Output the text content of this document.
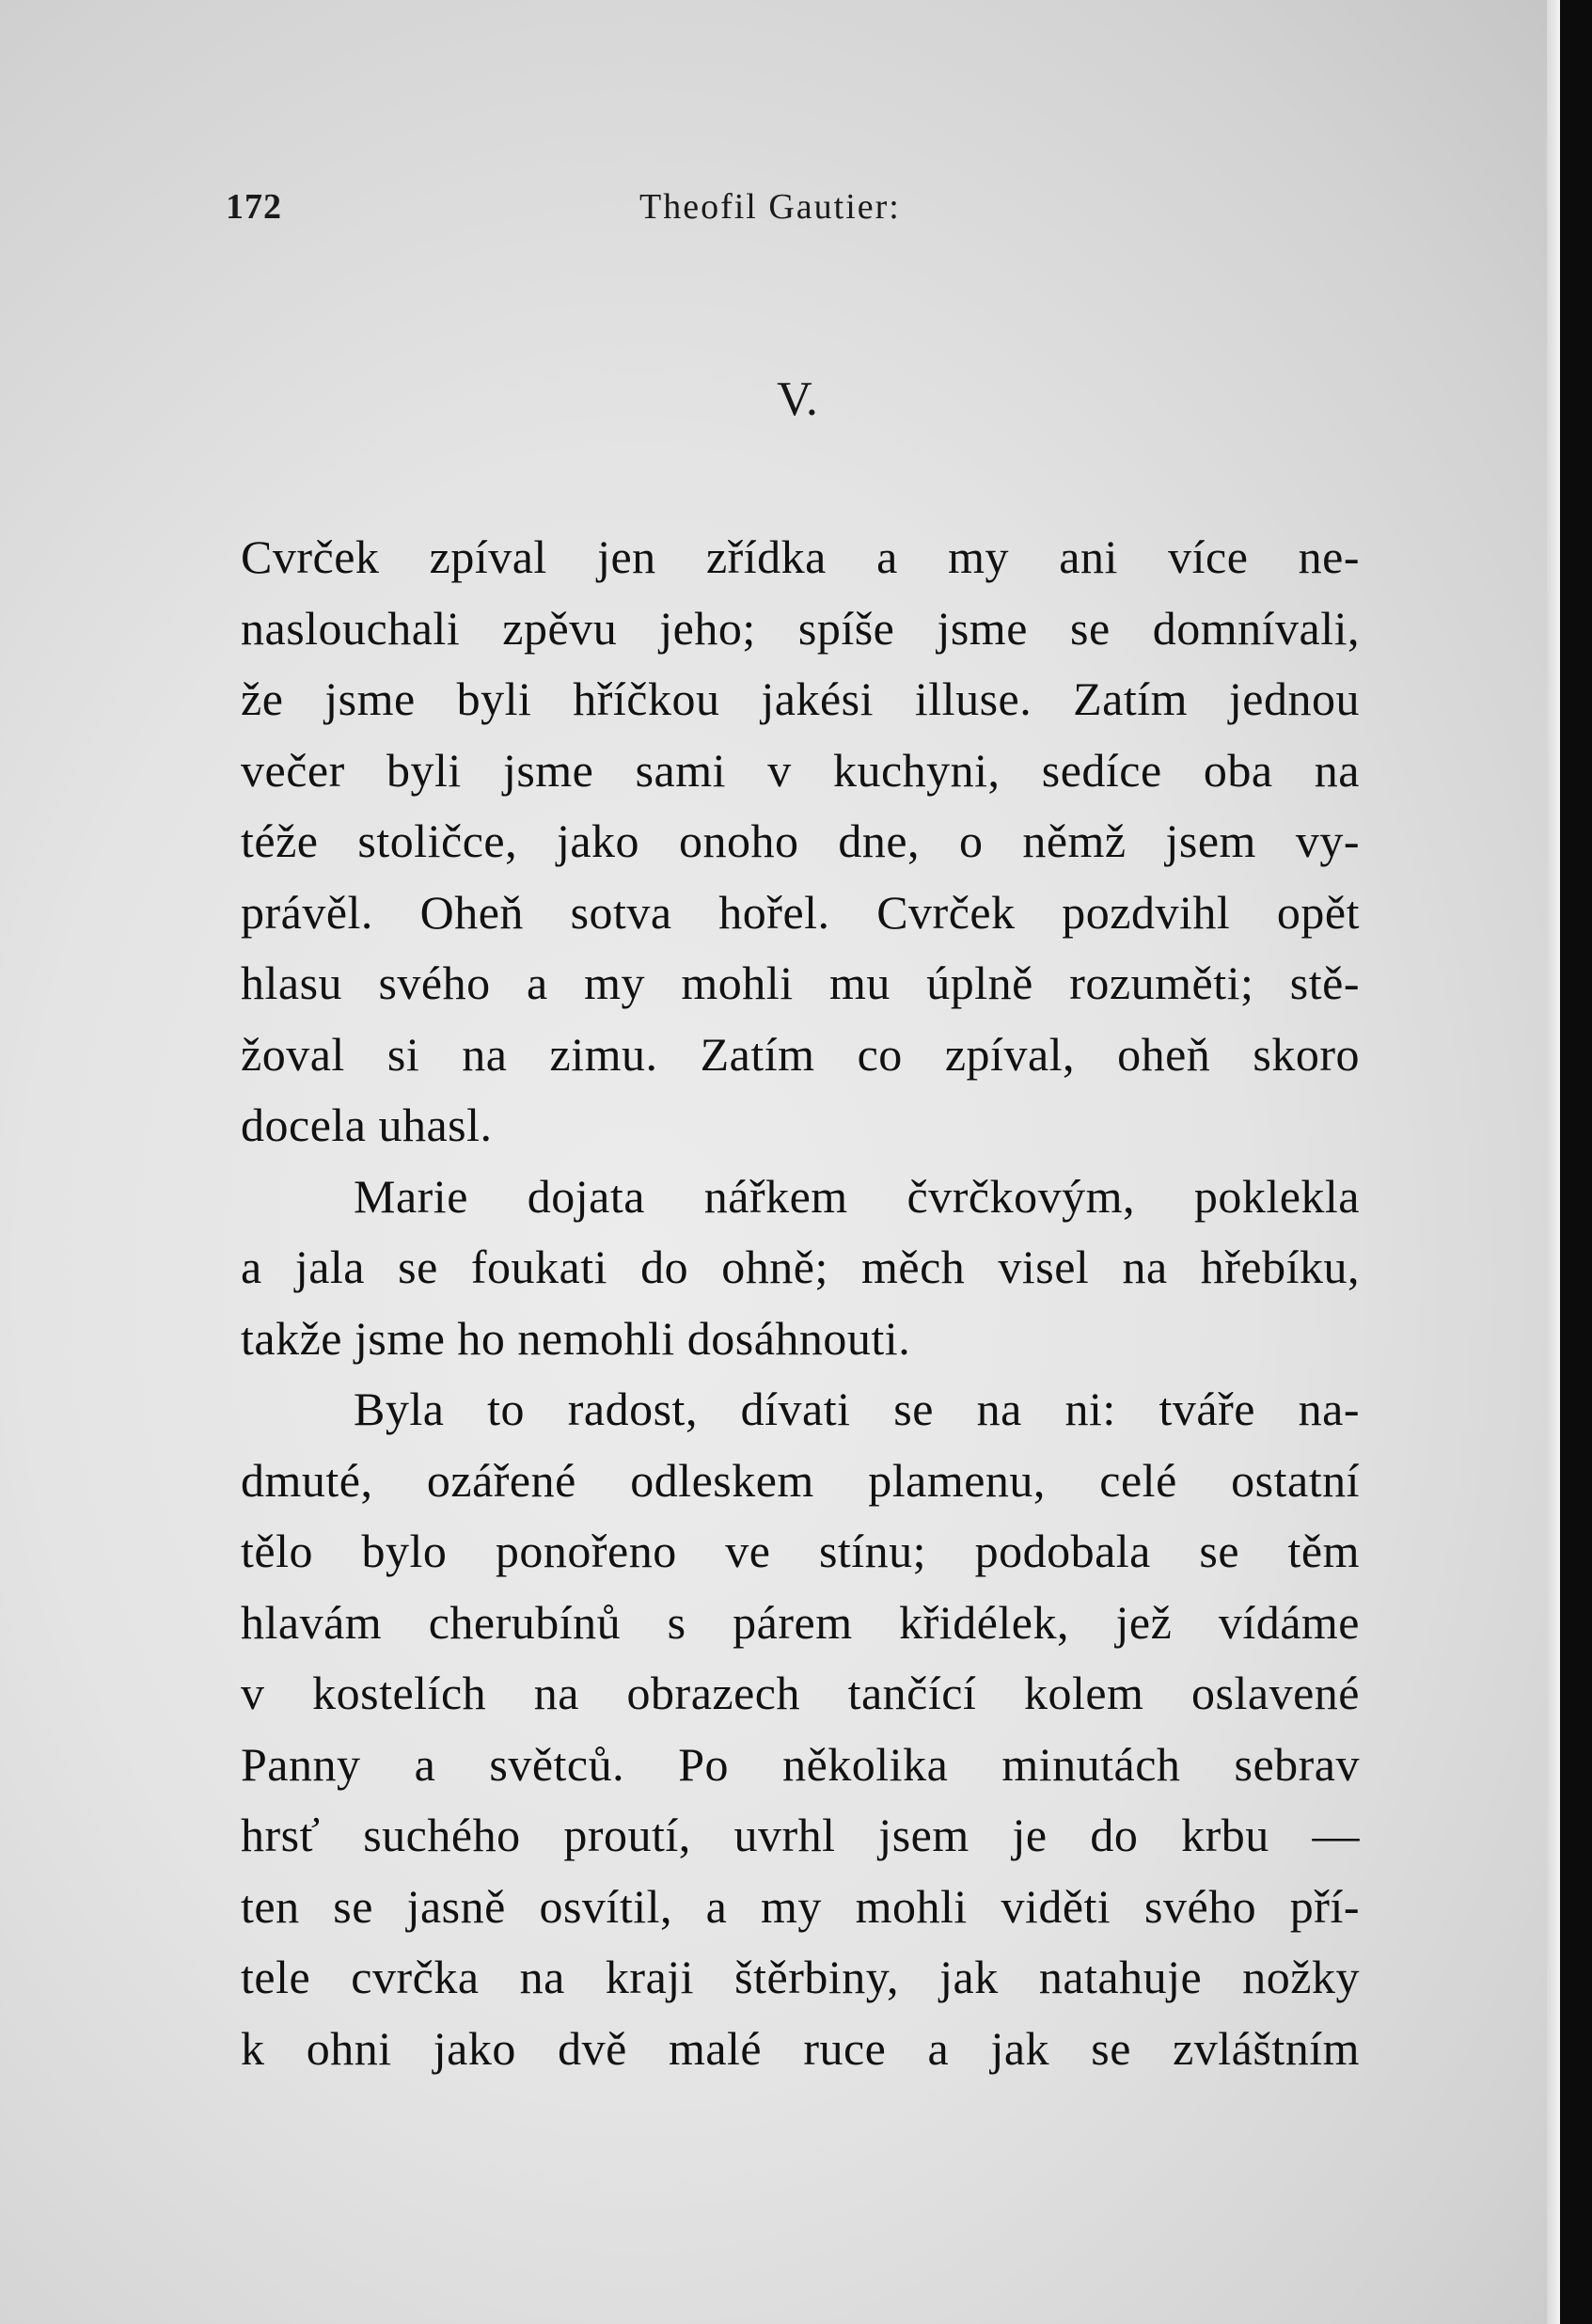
172	Theofil Gautier:
V.
Cvrček zpíval jen zřídka a my ani více ne-
naslouchali zpěvu jeho; spíše jsme se domnívali,
že jsme byli hříčkou jakési illuse. Zatím jednou
večer byli jsme sami v kuchyni, sedíce oba na
téže stoličce, jako onoho dne, o němž jsem vy-
právěl. Oheň sotva hořel. Cvrček pozdvihl opět
hlasu svého a my mohli mu úplně rozuměti; stě-
žoval si na zimu. Zatím co zpíval, oheň skoro
docela uhasl.
Marie dojata nářkem čvrčkovým, poklekla
a jala se foukati do ohně; měch visel na hřebíku,
takže jsme ho nemohli dosáhnouti.
Byla to radost, dívati se na ni: tváře na-
dmuté, ozářené odleskem plamenu, celé ostatní
tělo bylo ponořeno ve stínu; podobala se těm
hlavám cherubínů s párem křidélek, jež vídáme
v kostelích na obrazech tančící kolem oslavené
Panny a světců. Po několika minutách sebrav
hrsť suchého proutí, uvrhl jsem je do krbu —
ten se jasně osvítil, a my mohli viděti svého pří-
tele cvrčka na kraji štěrbiny, jak natahuje nožky
k ohni jako dvě malé ruce a jak se zvláštním
